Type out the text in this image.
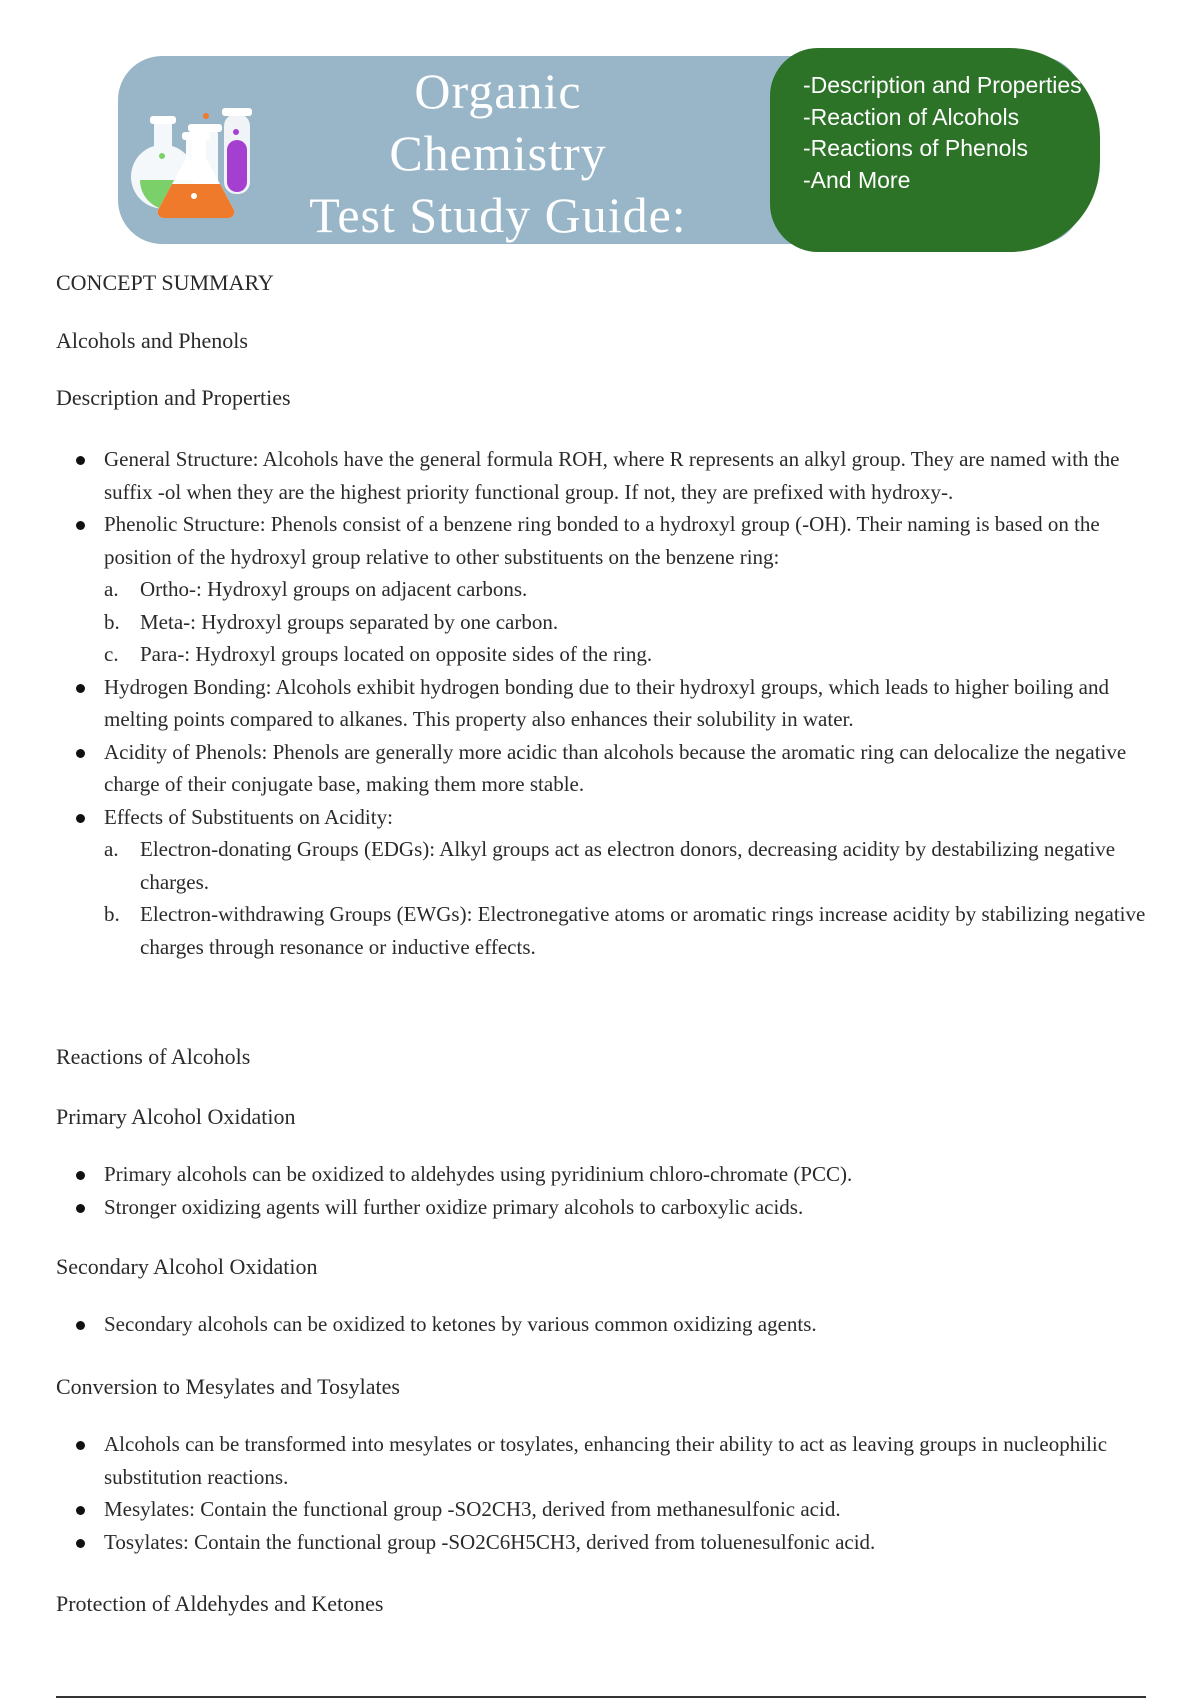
Organic Chemistry
Test Study Guide:
Ch.5 Alcohols
-Description and Properties
-Reaction of Alcohols
-Reactions of Phenols
-And More
CONCEPT SUMMARY
Alcohols and Phenols
Description and Properties
General Structure: Alcohols have the general formula ROH, where R represents an alkyl group. They are named with the suffix -ol when they are the highest priority functional group. If not, they are prefixed with hydroxy-.
Phenolic Structure: Phenols consist of a benzene ring bonded to a hydroxyl group (-OH). Their naming is based on the position of the hydroxyl group relative to other substituents on the benzene ring:
a. Ortho-: Hydroxyl groups on adjacent carbons.
b. Meta-: Hydroxyl groups separated by one carbon.
c. Para-: Hydroxyl groups located on opposite sides of the ring.
Hydrogen Bonding: Alcohols exhibit hydrogen bonding due to their hydroxyl groups, which leads to higher boiling and melting points compared to alkanes. This property also enhances their solubility in water.
Acidity of Phenols: Phenols are generally more acidic than alcohols because the aromatic ring can delocalize the negative charge of their conjugate base, making them more stable.
Effects of Substituents on Acidity:
a. Electron-donating Groups (EDGs): Alkyl groups act as electron donors, decreasing acidity by destabilizing negative charges.
b. Electron-withdrawing Groups (EWGs): Electronegative atoms or aromatic rings increase acidity by stabilizing negative charges through resonance or inductive effects.
Reactions of Alcohols
Primary Alcohol Oxidation
Primary alcohols can be oxidized to aldehydes using pyridinium chloro-chromate (PCC).
Stronger oxidizing agents will further oxidize primary alcohols to carboxylic acids.
Secondary Alcohol Oxidation
Secondary alcohols can be oxidized to ketones by various common oxidizing agents.
Conversion to Mesylates and Tosylates
Alcohols can be transformed into mesylates or tosylates, enhancing their ability to act as leaving groups in nucleophilic substitution reactions.
Mesylates: Contain the functional group -SO2CH3, derived from methanesulfonic acid.
Tosylates: Contain the functional group -SO2C6H5CH3, derived from toluenesulfonic acid.
Protection of Aldehydes and Ketones
